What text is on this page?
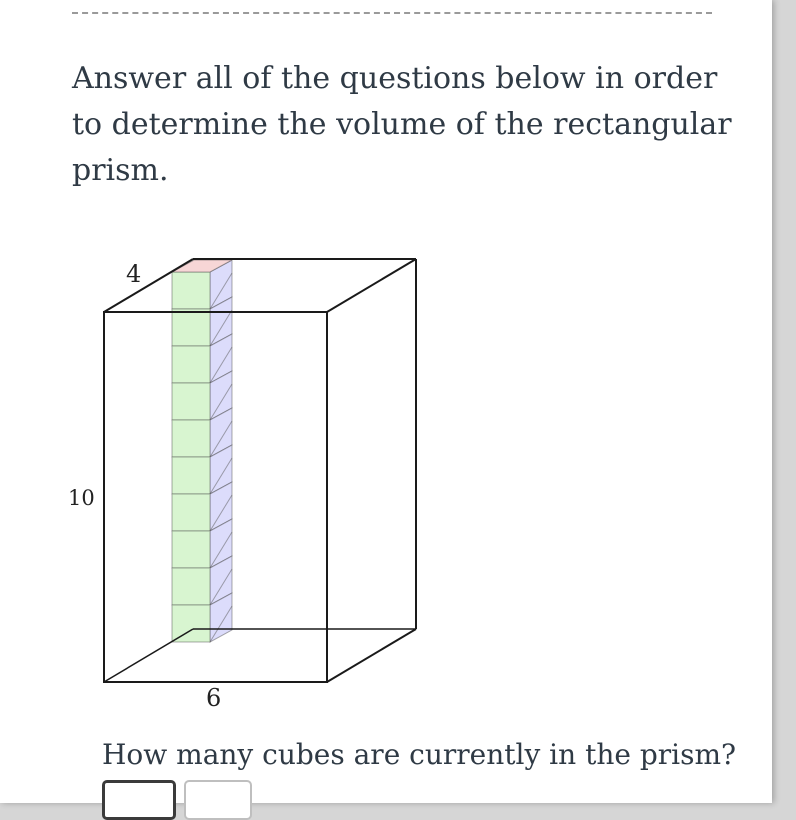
Answer all of the questions below in order to determine the volume of the rectangular prism.
4
10
6
How many cubes are currently in the prism?
